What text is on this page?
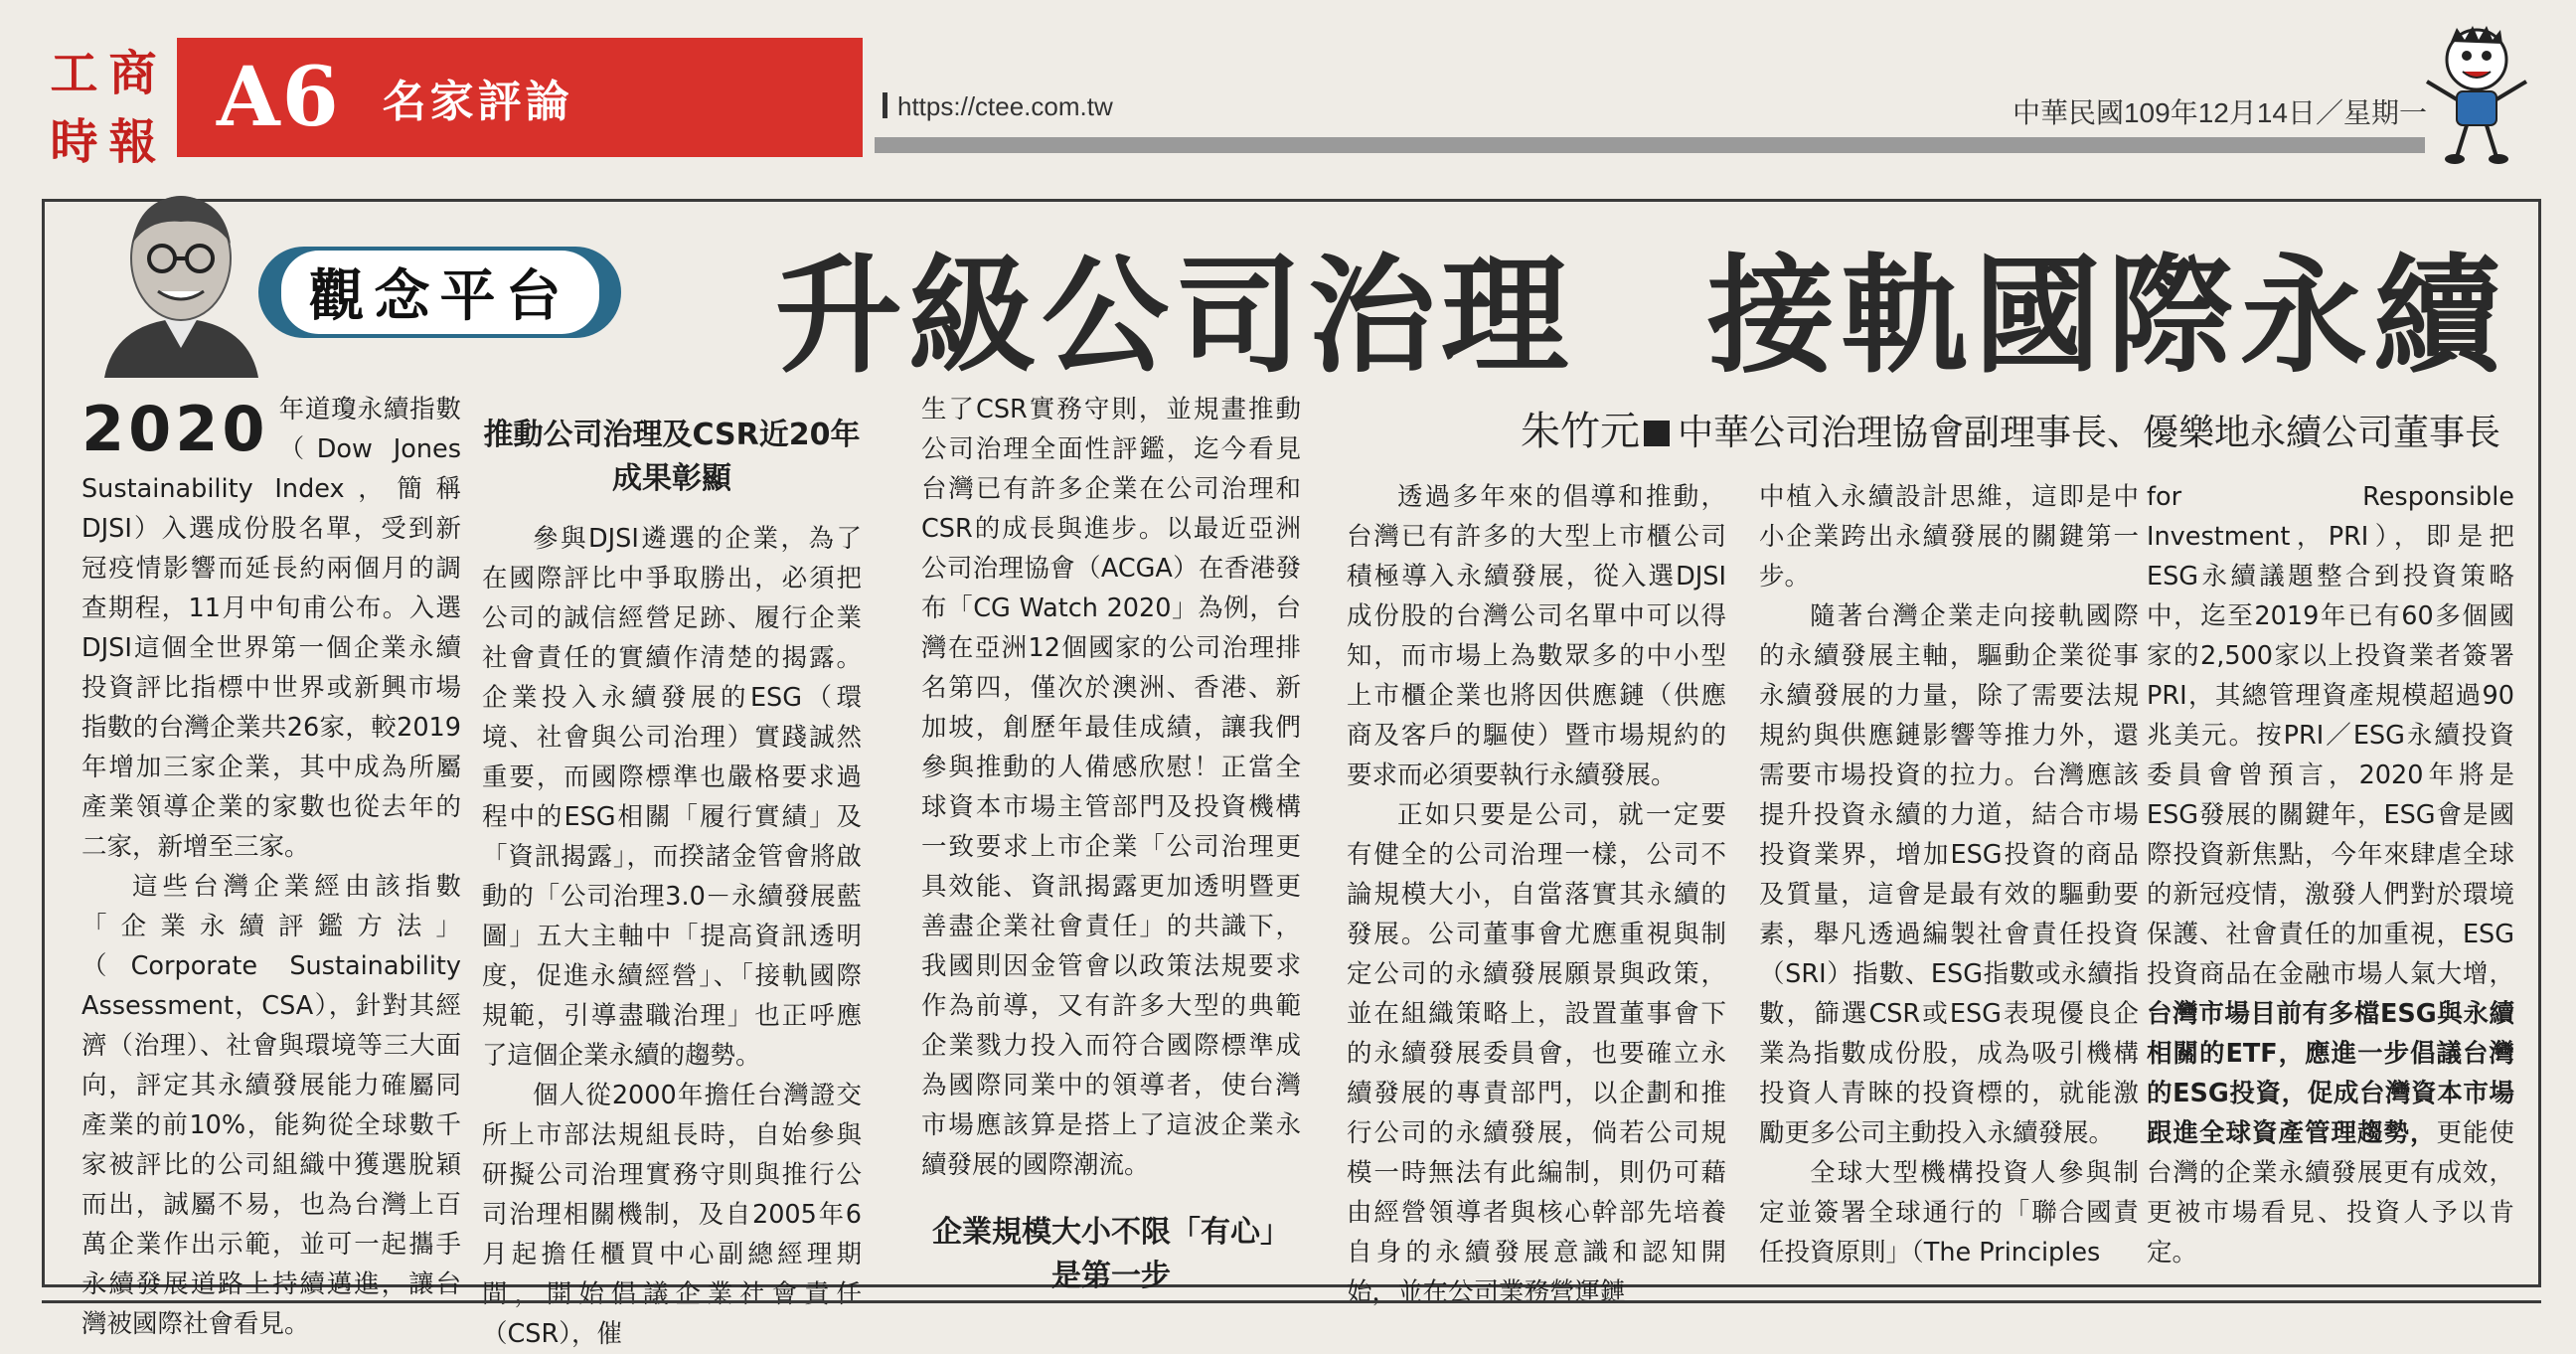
工 商
時 報 A6 名家評論	https://ctee.com.tw	中華民國109年12月14日／星期一
觀念平台 升級公司治理　接軌國際永續
朱竹元 中華公司治理協會副理事長、優樂地永續公司董事長

2020 年道瓊永續指數（Dow Jones Sustainability Index，簡稱DJSI）入選成份股名單，受到新冠疫情影響而延長約兩個月的調查期程，11月中旬甫公布。入選DJSI這個全世界第一個企業永續投資評比指標中世界或新興市場指數的台灣企業共26家，較2019年增加三家企業，其中成為所屬產業領導企業的家數也從去年的二家，新增至三家。

這些台灣企業經由該指數「企業永續評鑑方法」（Corporate Sustainability Assessment，CSA），針對其經濟（治理）、社會與環境等三大面向，評定其永續發展能力確屬同產業的前10%，能夠從全球數千家被評比的公司組織中獲選脫穎而出，誠屬不易，也為台灣上百萬企業作出示範，並可一起攜手永續發展道路上持續邁進，讓台灣被國際社會看見。

推動公司治理及CSR近20年成果彰顯

參與DJSI遴選的企業，為了在國際評比中爭取勝出，必須把公司的誠信經營足跡、履行企業社會責任的實續作清楚的揭露。企業投入永續發展的ESG（環境、社會與公司治理）實踐誠然重要，而國際標準也嚴格要求過程中的ESG相關「履行實績」及「資訊揭露」，而揆諸金管會將啟動的「公司治理3.0－永續發展藍圖」五大主軸中「提高資訊透明度，促進永續經營」、「接軌國際規範，引導盡職治理」也正呼應了這個企業永續的趨勢。

個人從2000年擔任台灣證交所上市部法規組長時，自始參與研擬公司治理實務守則與推行公司治理相關機制，及自2005年6月起擔任櫃買中心副總經理期間，開始倡議企業社會責任（CSR），催

生了CSR實務守則，並規畫推動公司治理全面性評鑑，迄今看見台灣已有許多企業在公司治理和CSR的成長與進步。以最近亞洲公司治理協會（ACGA）在香港發布「CG Watch 2020」為例，台灣在亞洲12個國家的公司治理排名第四，僅次於澳洲、香港、新加坡，創歷年最佳成績，讓我們參與推動的人備感欣慰！正當全球資本市場主管部門及投資機構一致要求上市企業「公司治理更具效能、資訊揭露更加透明暨更善盡企業社會責任」的共識下，我國則因金管會以政策法規要求作為前導，又有許多大型的典範企業戮力投入而符合國際標準成為國際同業中的領導者，使台灣市場應該算是搭上了這波企業永續發展的國際潮流。

企業規模大小不限「有心」是第一步

透過多年來的倡導和推動，台灣已有許多的大型上市櫃公司積極導入永續發展，從入選DJSI成份股的台灣公司名單中可以得知，而市場上為數眾多的中小型上市櫃企業也將因供應鏈（供應商及客戶的驅使）暨市場規約的要求而必須要執行永續發展。

正如只要是公司，就一定要有健全的公司治理一樣，公司不論規模大小，自當落實其永續的發展。公司董事會尤應重視與制定公司的永續發展願景與政策，並在組織策略上，設置董事會下的永續發展委員會，也要確立永續發展的專責部門，以企劃和推行公司的永續發展，倘若公司規模一時無法有此編制，則仍可藉由經營領導者與核心幹部先培養自身的永續發展意識和認知開始，並在公司業務營運鏈

中植入永續設計思維，這即是中小企業跨出永續發展的關鍵第一步。

隨著台灣企業走向接軌國際的永續發展主軸，驅動企業從事永續發展的力量，除了需要法規規約與供應鏈影響等推力外，還需要市場投資的拉力。台灣應該提升投資永續的力道，結合市場投資業界，增加ESG投資的商品及質量，這會是最有效的驅動要素，舉凡透過編製社會責任投資（SRI）指數、ESG指數或永續指數，篩選CSR或ESG表現優良企業為指數成份股，成為吸引機構投資人青睞的投資標的，就能激勵更多公司主動投入永續發展。

全球大型機構投資人參與制定並簽署全球通行的「聯合國責任投資原則」（The Principles

for Responsible Investment，PRI），即是把ESG永續議題整合到投資策略中，迄至2019年已有60多個國家的2,500家以上投資業者簽署PRI，其總管理資產規模超過90兆美元。按PRI／ESG永續投資委員會曾預言，2020年將是ESG發展的關鍵年，ESG會是國際投資新焦點，今年來肆虐全球的新冠疫情，激發人們對於環境保護、社會責任的加重視，ESG投資商品在金融市場人氣大增，台灣市場目前有多檔ESG與永續相關的ETF，應進一步倡議台灣的ESG投資，促成台灣資本市場跟進全球資產管理趨勢，更能使台灣的企業永續發展更有成效，更被市場看見、投資人予以肯定。
